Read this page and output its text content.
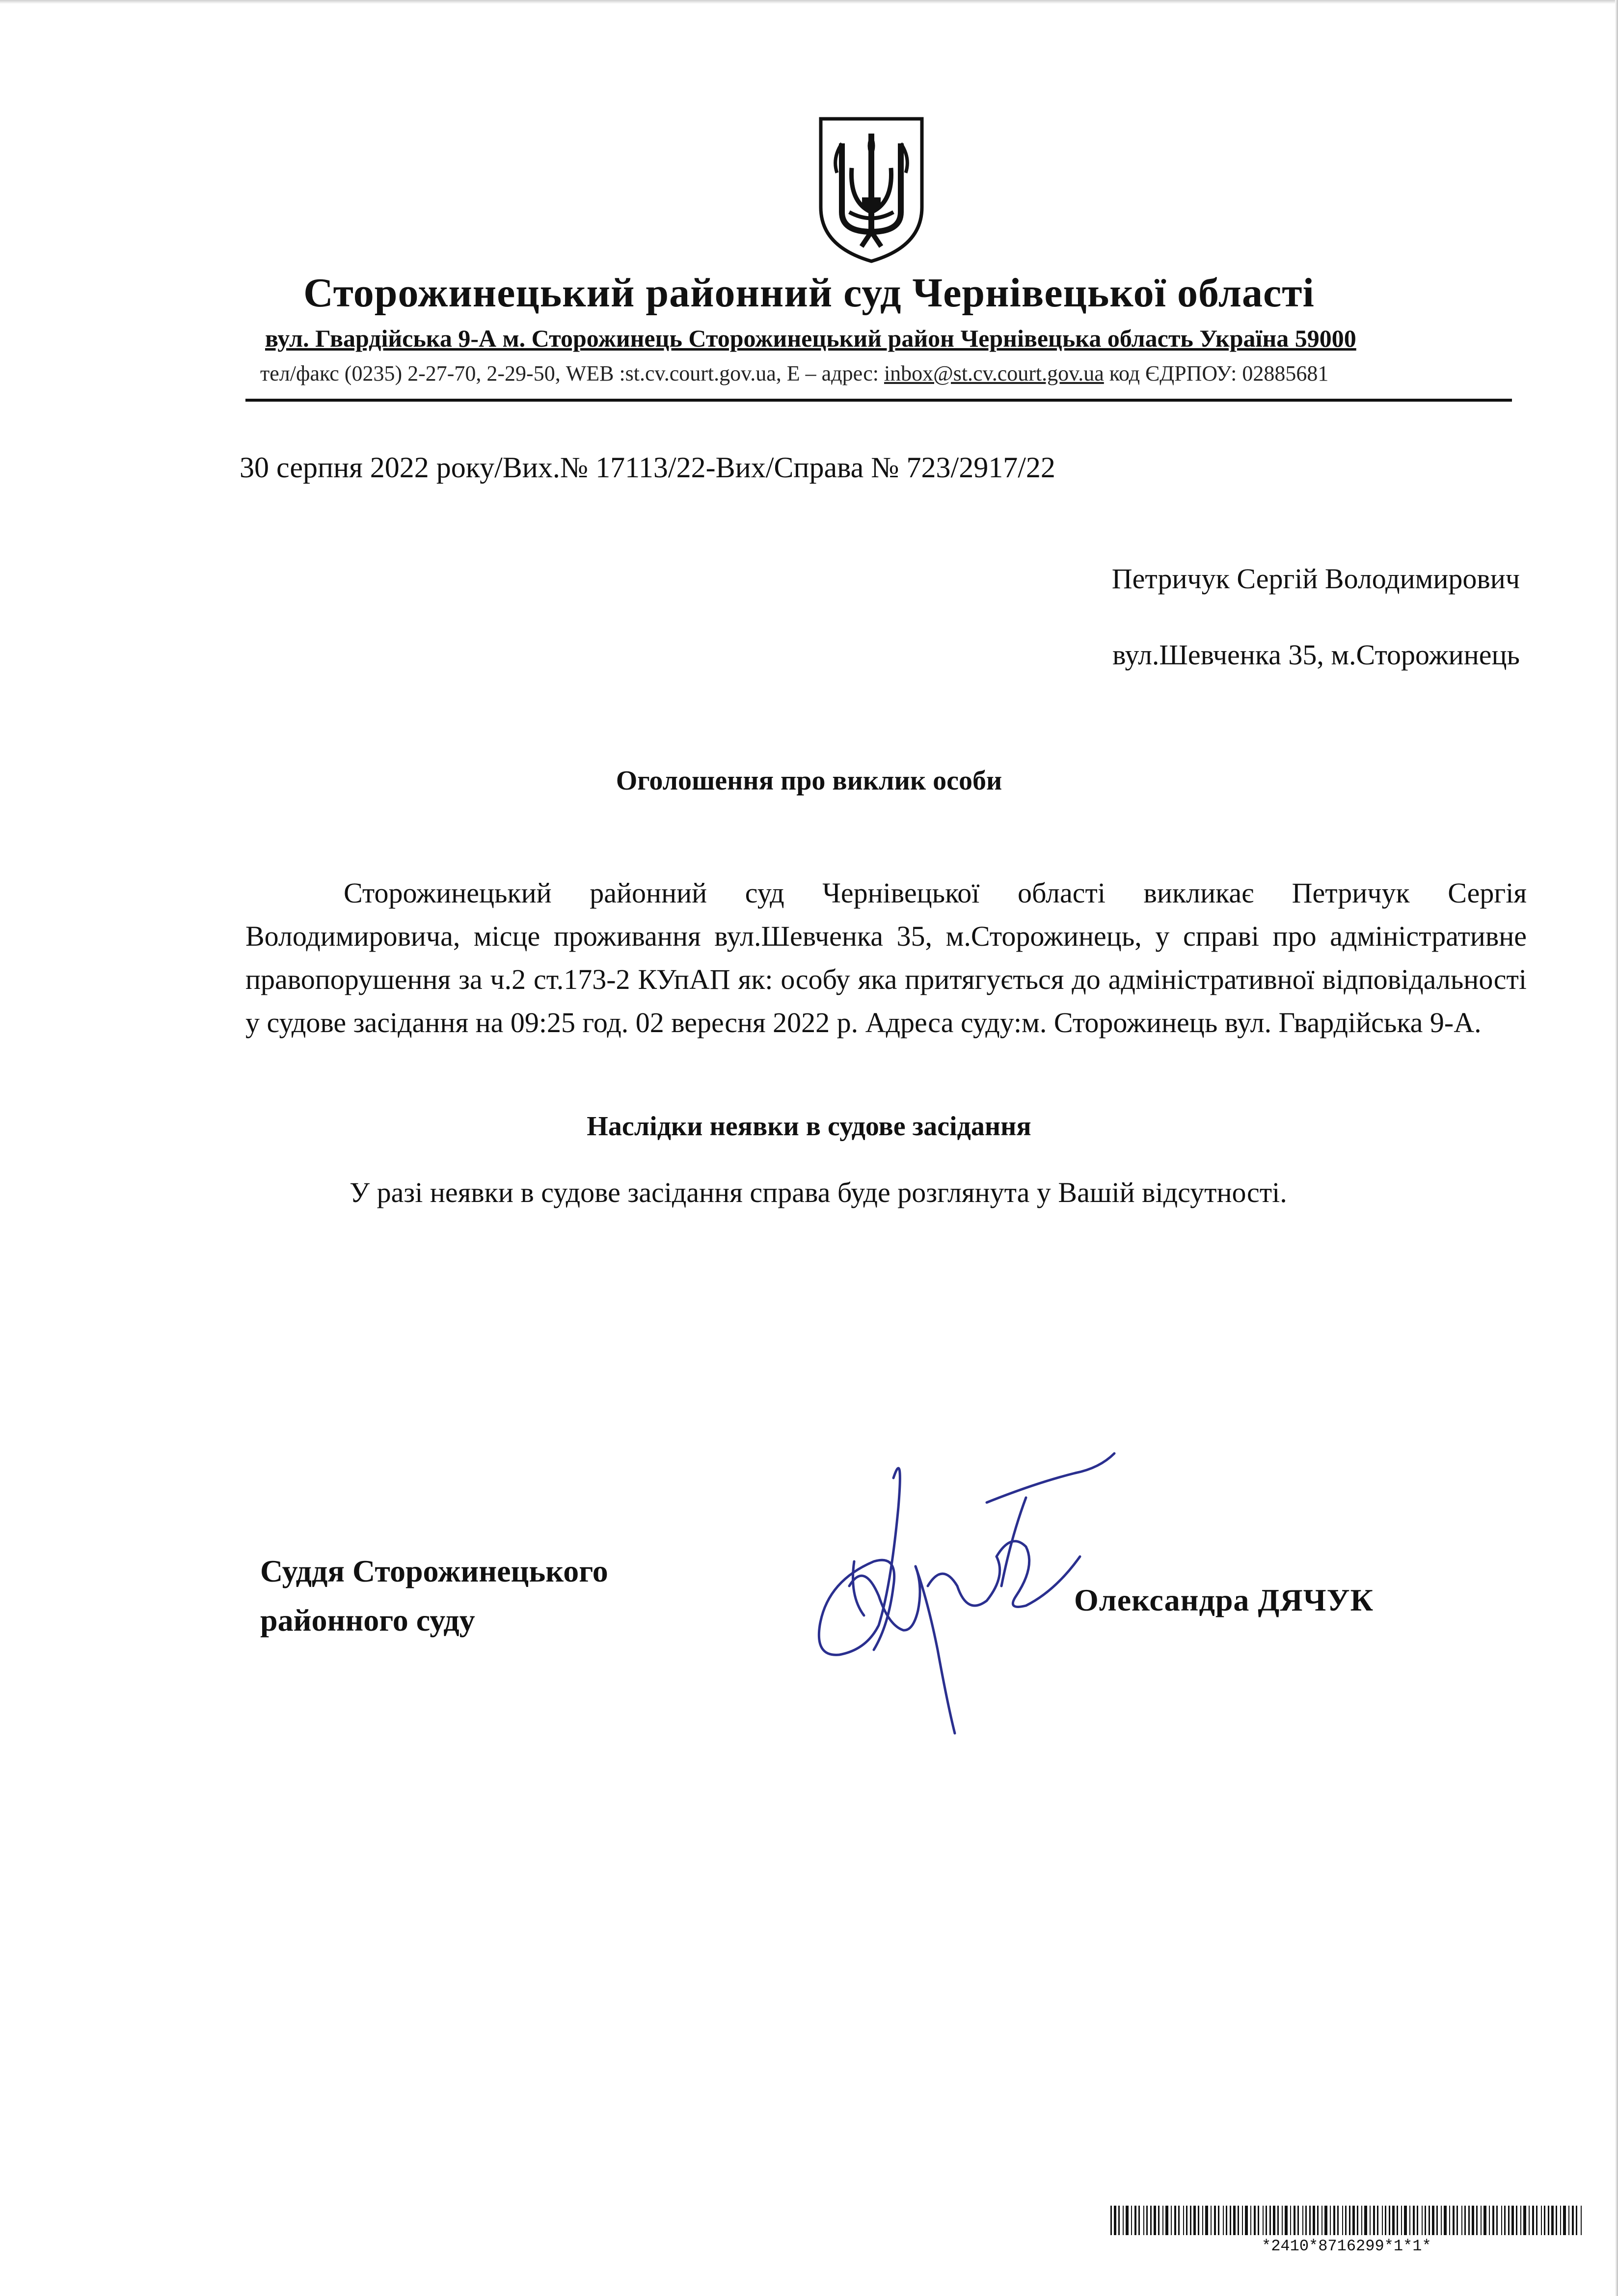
Сторожинецький районний суд Чернівецької області
вул. Гвардійська 9-А м. Сторожинець Сторожинецький район Чернівецька область Україна 59000
тел/факс (0235) 2-27-70, 2-29-50, WEB :st.cv.court.gov.ua, E – адрес: inbox@st.cv.court.gov.ua код ЄДРПОУ: 02885681
30 серпня 2022 року/Вих.№ 17113/22-Вих/Справа № 723/2917/22
Петричук Сергій Володимирович
вул.Шевченка 35, м.Сторожинець
Оголошення про виклик особи
Сторожинецький районний суд Чернівецької області викликає Петричук Сергія Володимировича, місце проживання вул.Шевченка 35, м.Сторожинець, у справі про адміністративне правопорушення за ч.2 ст.173-2 КУпАП як: особу яка притягується до адміністративної відповідальності у судове засідання на 09:25 год. 02 вересня 2022 р. Адреса суду:м. Сторожинець вул. Гвардійська 9-А.
Наслідки неявки в судове засідання
У разі неявки в судове засідання справа буде розглянута у Вашій відсутності.
Суддя Сторожинецького
районного суду
Олександра ДЯЧУК
*2410*8716299*1*1*
